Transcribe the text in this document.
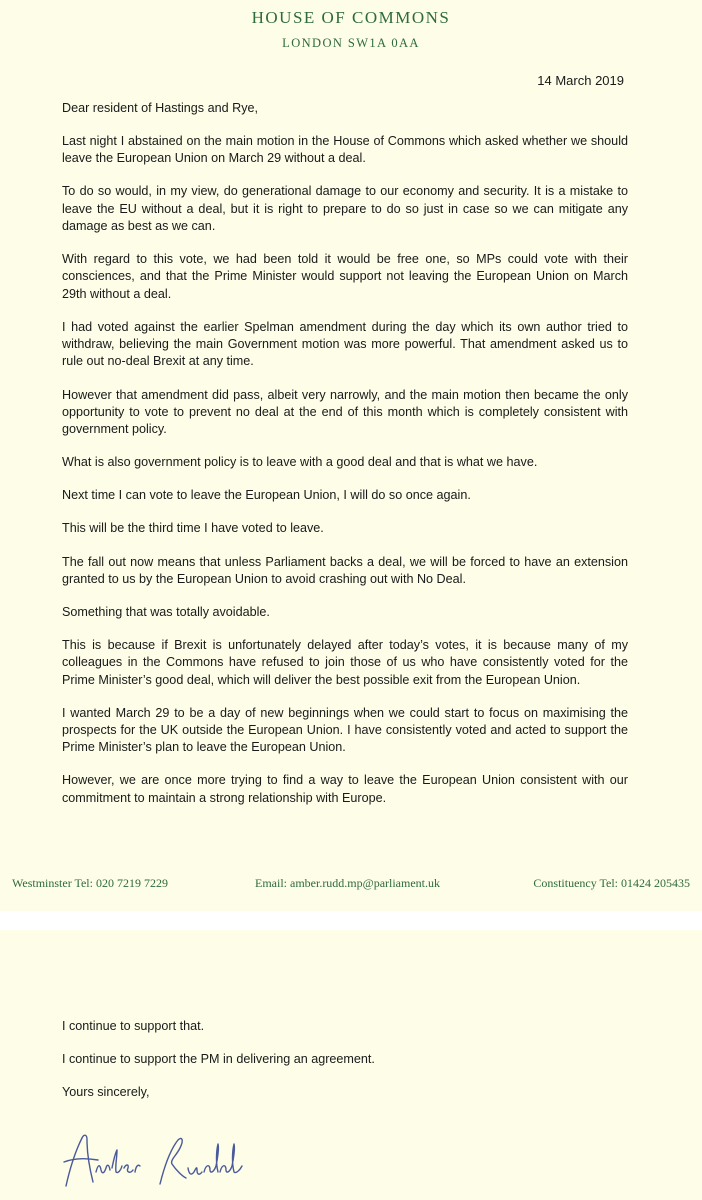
HOUSE OF COMMONS
LONDON SW1A 0AA
14 March 2019

Dear resident of Hastings and Rye,

Last night I abstained on the main motion in the House of Commons which asked whether we should leave the European Union on March 29 without a deal.

To do so would, in my view, do generational damage to our economy and security. It is a mistake to leave the EU without a deal, but it is right to prepare to do so just in case so we can mitigate any damage as best as we can.

With regard to this vote, we had been told it would be free one, so MPs could vote with their consciences, and that the Prime Minister would support not leaving the European Union on March 29th without a deal.

I had voted against the earlier Spelman amendment during the day which its own author tried to withdraw, believing the main Government motion was more powerful. That amendment asked us to rule out no-deal Brexit at any time.

However that amendment did pass, albeit very narrowly, and the main motion then became the only opportunity to vote to prevent no deal at the end of this month which is completely consistent with government policy.

What is also government policy is to leave with a good deal and that is what we have.

Next time I can vote to leave the European Union, I will do so once again.

This will be the third time I have voted to leave.

The fall out now means that unless Parliament backs a deal, we will be forced to have an extension granted to us by the European Union to avoid crashing out with No Deal.

Something that was totally avoidable.

This is because if Brexit is unfortunately delayed after today’s votes, it is because many of my colleagues in the Commons have refused to join those of us who have consistently voted for the Prime Minister’s good deal, which will deliver the best possible exit from the European Union.

I wanted March 29 to be a day of new beginnings when we could start to focus on maximising the prospects for the UK outside the European Union. I have consistently voted and acted to support the Prime Minister’s plan to leave the European Union.

However, we are once more trying to find a way to leave the European Union consistent with our commitment to maintain a strong relationship with Europe.

Westminster Tel: 020 7219 7229	Email: amber.rudd.mp@parliament.uk	Constituency Tel: 01424 205435

I continue to support that.

I continue to support the PM in delivering an agreement.

Yours sincerely,
